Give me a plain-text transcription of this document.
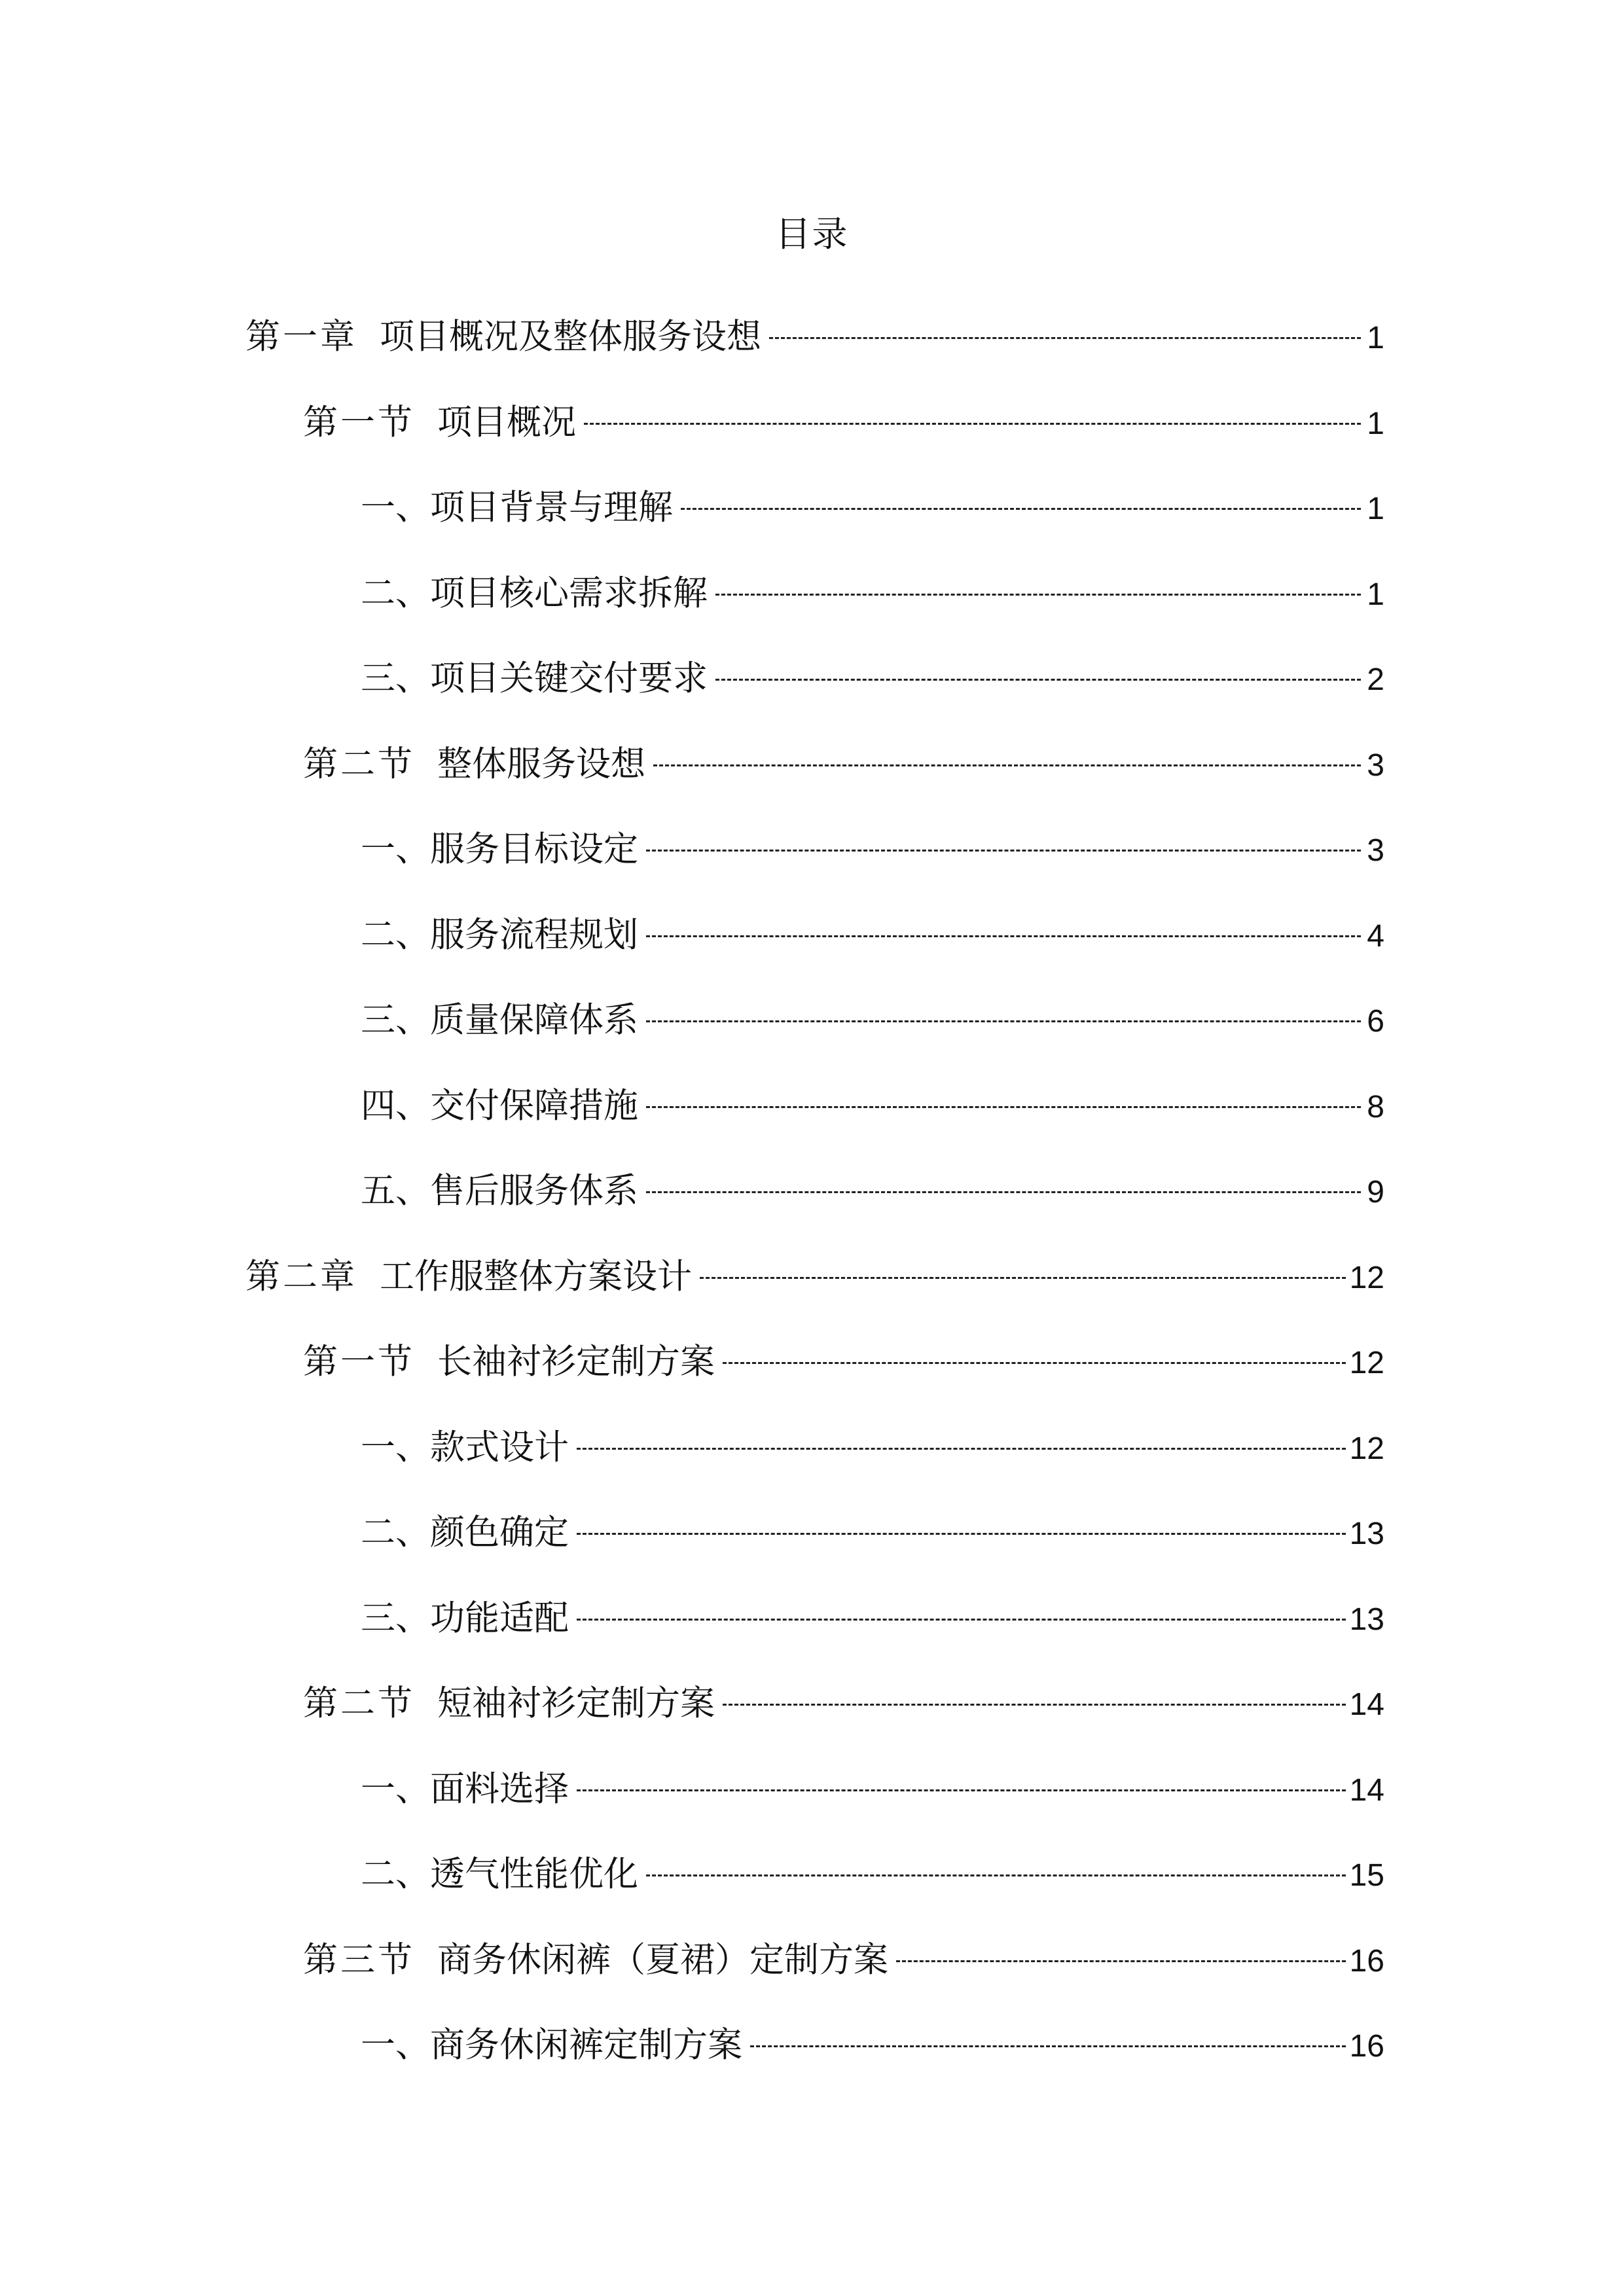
目录
第一章 项目概况及整体服务设想	1
第一节 项目概况	1
一、项目背景与理解	1
二、项目核心需求拆解	1
三、项目关键交付要求	2
第二节 整体服务设想	3
一、服务目标设定	3
二、服务流程规划	4
三、质量保障体系	6
四、交付保障措施	8
五、售后服务体系	9
第二章 工作服整体方案设计	12
第一节 长袖衬衫定制方案	12
一、款式设计	12
二、颜色确定	13
三、功能适配	13
第二节 短袖衬衫定制方案	14
一、面料选择	14
二、透气性能优化	15
第三节 商务休闲裤（夏裙）定制方案	16
一、商务休闲裤定制方案	16
